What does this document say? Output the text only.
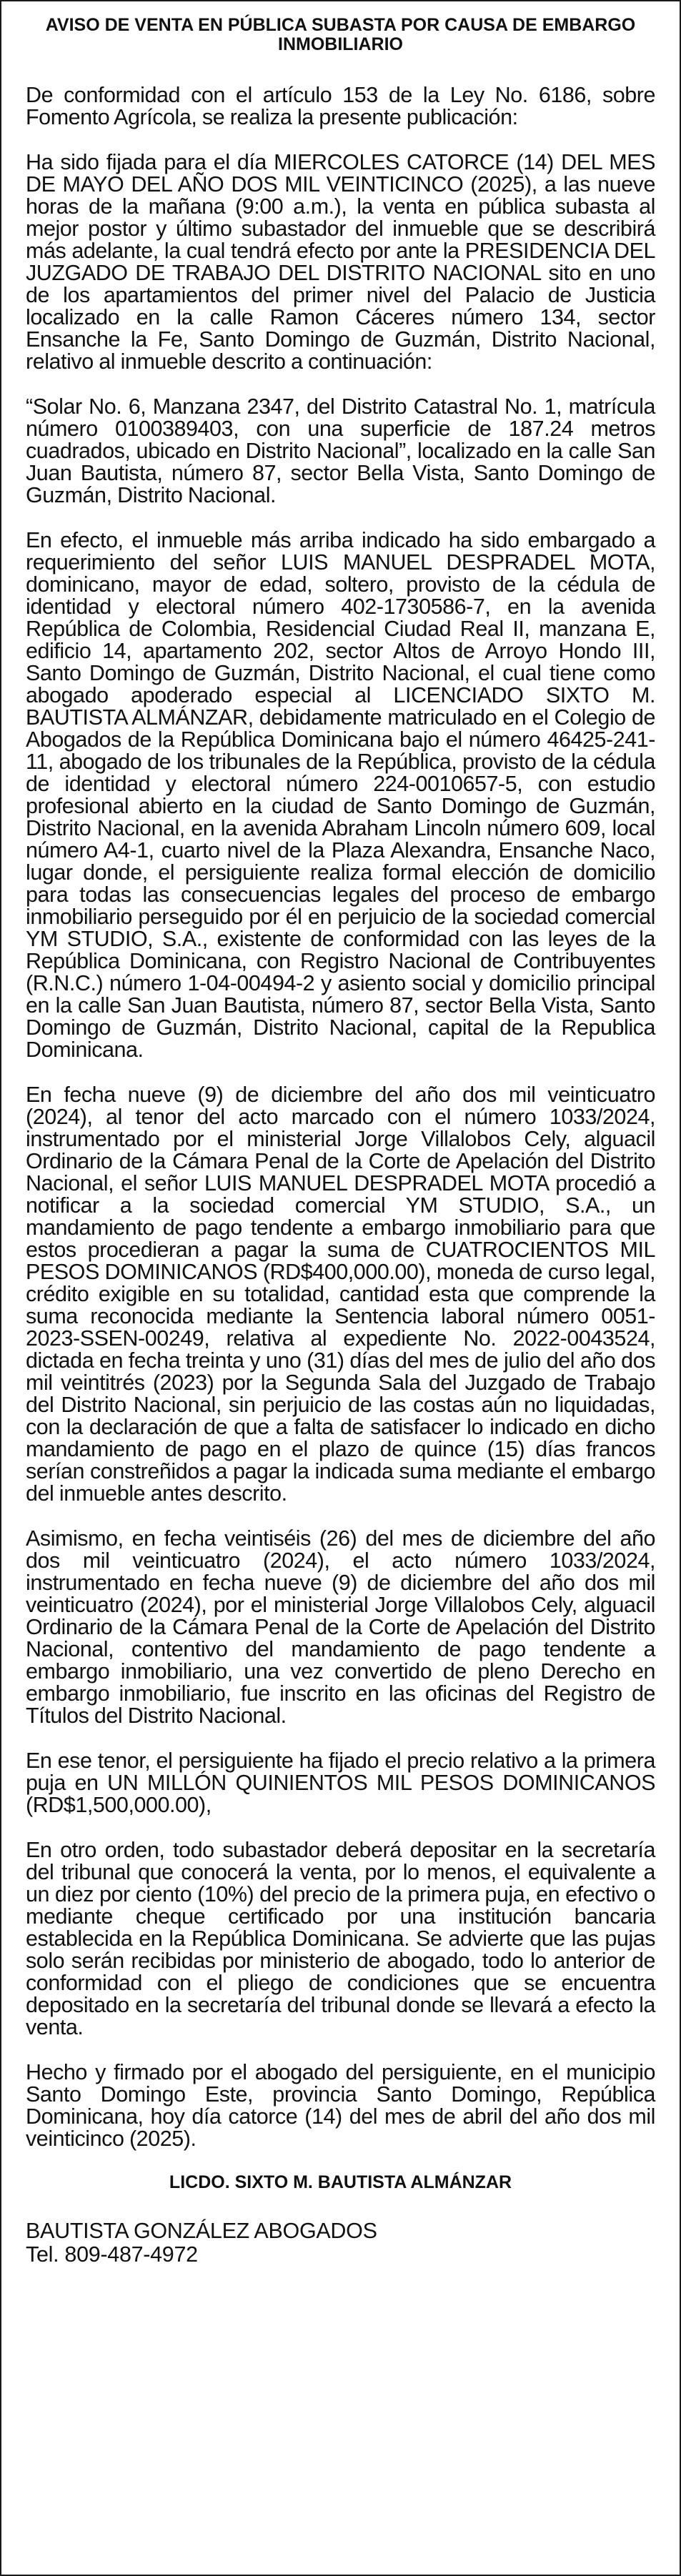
AVISO DE VENTA EN PÚBLICA SUBASTA POR CAUSA DE EMBARGO INMOBILIARIO

De conformidad con el artículo 153 de la Ley No. 6186, sobre Fomento Agrícola, se realiza la presente publicación:

Ha sido fijada para el día MIERCOLES CATORCE (14) DEL MES DE MAYO DEL AÑO DOS MIL VEINTICINCO (2025), a las nueve horas de la mañana (9:00 a.m.), la venta en pública subasta al mejor postor y último subastador del inmueble que se describirá más adelante, la cual tendrá efecto por ante la PRESIDENCIA DEL JUZGADO DE TRABAJO DEL DISTRITO NACIONAL sito en uno de los apartamientos del primer nivel del Palacio de Justicia localizado en la calle Ramon Cáceres número 134, sector Ensanche la Fe, Santo Domingo de Guzmán, Distrito Nacional, relativo al inmueble descrito a continuación:

“Solar No. 6, Manzana 2347, del Distrito Catastral No. 1, matrícula número 0100389403, con una superficie de 187.24 metros cuadrados, ubicado en Distrito Nacional”, localizado en la calle San Juan Bautista, número 87, sector Bella Vista, Santo Domingo de Guzmán, Distrito Nacional.

En efecto, el inmueble más arriba indicado ha sido embargado a requerimiento del señor LUIS MANUEL DESPRADEL MOTA, dominicano, mayor de edad, soltero, provisto de la cédula de identidad y electoral número 402-1730586-7, en la avenida República de Colombia, Residencial Ciudad Real II, manzana E, edificio 14, apartamento 202, sector Altos de Arroyo Hondo III, Santo Domingo de Guzmán, Distrito Nacional, el cual tiene como abogado apoderado especial al LICENCIADO SIXTO M. BAUTISTA ALMÁNZAR, debidamente matriculado en el Colegio de Abogados de la República Dominicana bajo el número 46425-241-11, abogado de los tribunales de la República, provisto de la cédula de identidad y electoral número 224-0010657-5, con estudio profesional abierto en la ciudad de Santo Domingo de Guzmán, Distrito Nacional, en la avenida Abraham Lincoln número 609, local número A4-1, cuarto nivel de la Plaza Alexandra, Ensanche Naco, lugar donde, el persiguiente realiza formal elección de domicilio para todas las consecuencias legales del proceso de embargo inmobiliario perseguido por él en perjuicio de la sociedad comercial YM STUDIO, S.A., existente de conformidad con las leyes de la República Dominicana, con Registro Nacional de Contribuyentes (R.N.C.) número 1-04-00494-2 y asiento social y domicilio principal en la calle San Juan Bautista, número 87, sector Bella Vista, Santo Domingo de Guzmán, Distrito Nacional, capital de la Republica Dominicana.

En fecha nueve (9) de diciembre del año dos mil veinticuatro (2024), al tenor del acto marcado con el número 1033/2024, instrumentado por el ministerial Jorge Villalobos Cely, alguacil Ordinario de la Cámara Penal de la Corte de Apelación del Distrito Nacional, el señor LUIS MANUEL DESPRADEL MOTA procedió a notificar a la sociedad comercial YM STUDIO, S.A., un mandamiento de pago tendente a embargo inmobiliario para que estos procedieran a pagar la suma de CUATROCIENTOS MIL PESOS DOMINICANOS (RD$400,000.00), moneda de curso legal, crédito exigible en su totalidad, cantidad esta que comprende la suma reconocida mediante la Sentencia laboral número 0051-2023-SSEN-00249, relativa al expediente No. 2022-0043524, dictada en fecha treinta y uno (31) días del mes de julio del año dos mil veintitrés (2023) por la Segunda Sala del Juzgado de Trabajo del Distrito Nacional, sin perjuicio de las costas aún no liquidadas, con la declaración de que a falta de satisfacer lo indicado en dicho mandamiento de pago en el plazo de quince (15) días francos serían constreñidos a pagar la indicada suma mediante el embargo del inmueble antes descrito.

Asimismo, en fecha veintiséis (26) del mes de diciembre del año dos mil veinticuatro (2024), el acto número 1033/2024, instrumentado en fecha nueve (9) de diciembre del año dos mil veinticuatro (2024), por el ministerial Jorge Villalobos Cely, alguacil Ordinario de la Cámara Penal de la Corte de Apelación del Distrito Nacional, contentivo del mandamiento de pago tendente a embargo inmobiliario, una vez convertido de pleno Derecho en embargo inmobiliario, fue inscrito en las oficinas del Registro de Títulos del Distrito Nacional.

En ese tenor, el persiguiente ha fijado el precio relativo a la primera puja en UN MILLÓN QUINIENTOS MIL PESOS DOMINICANOS (RD$1,500,000.00),

En otro orden, todo subastador deberá depositar en la secretaría del tribunal que conocerá la venta, por lo menos, el equivalente a un diez por ciento (10%) del precio de la primera puja, en efectivo o mediante cheque certificado por una institución bancaria establecida en la República Dominicana. Se advierte que las pujas solo serán recibidas por ministerio de abogado, todo lo anterior de conformidad con el pliego de condiciones que se encuentra depositado en la secretaría del tribunal donde se llevará a efecto la venta.

Hecho y firmado por el abogado del persiguiente, en el municipio Santo Domingo Este, provincia Santo Domingo, República Dominicana, hoy día catorce (14) del mes de abril del año dos mil veinticinco (2025).

LICDO. SIXTO M. BAUTISTA ALMÁNZAR

BAUTISTA GONZÁLEZ ABOGADOS

Tel. 809-487-4972
